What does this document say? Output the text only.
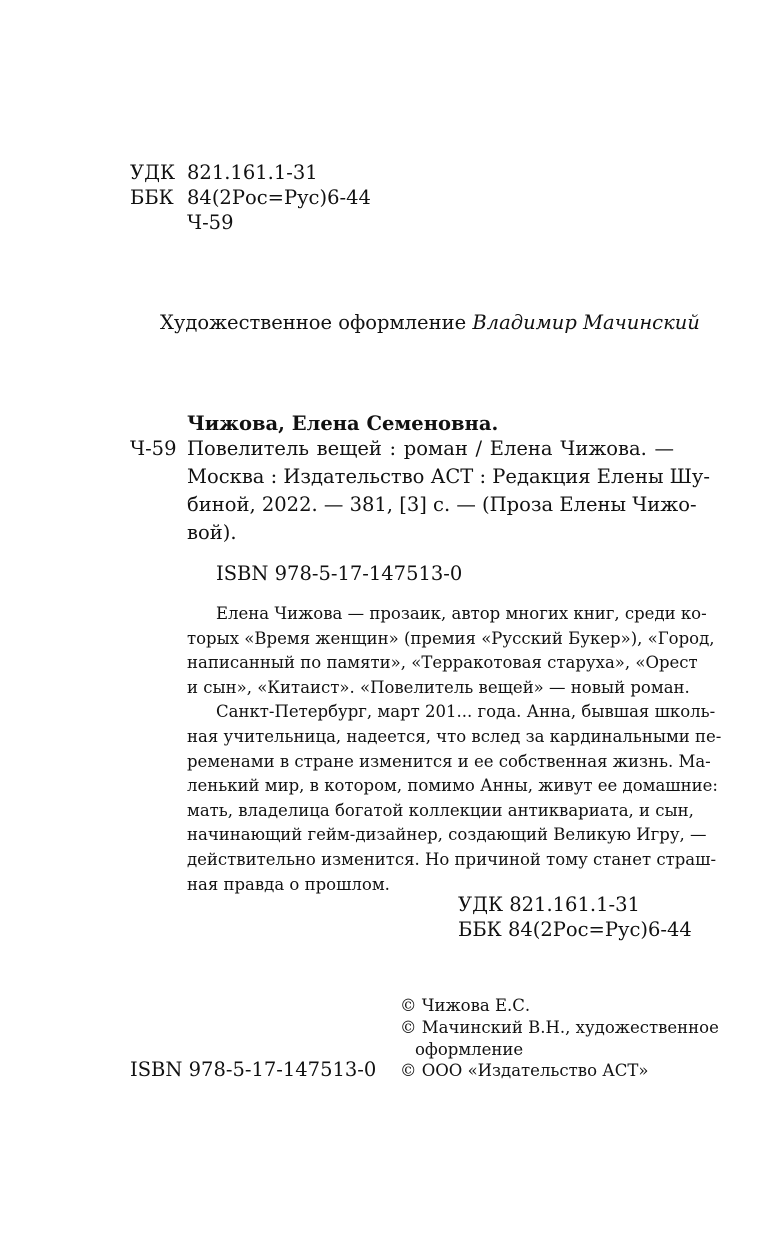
УДК 821.161.1-31
ББК 84(2Рос=Рус)6-44
Ч-59
Художественное оформление Владимир Мачинский
Чижова, Елена Семеновна.
Ч-59 Повелитель вещей : роман / Елена Чижова. —
Москва : Издательство АСТ : Редакция Елены Шу-
биной, 2022. — 381, [3] с. — (Проза Елены Чижо-
вой).
ISBN 978-5-17-147513-0
Елена Чижова — прозаик, автор многих книг, среди ко-
торых «Время женщин» (премия «Русский Букер»), «Город,
написанный по памяти», «Терракотовая старуха», «Орест
и сын», «Китаист». «Повелитель вещей» — новый роман.
Санкт-Петербург, март 201... года. Анна, бывшая школь-
ная учительница, надеется, что вслед за кардинальными пе-
ременами в стране изменится и ее собственная жизнь. Ма-
ленький мир, в котором, помимо Анны, живут ее домашние:
мать, владелица богатой коллекции антиквариата, и сын,
начинающий гейм-дизайнер, создающий Великую Игру, —
действительно изменится. Но причиной тому станет страш-
ная правда о прошлом.
УДК 821.161.1-31
ББК 84(2Рос=Рус)6-44
© Чижова Е.С.
© Мачинский В.Н., художественное
оформление
© ООО «Издательство АСТ»
ISBN 978-5-17-147513-0
